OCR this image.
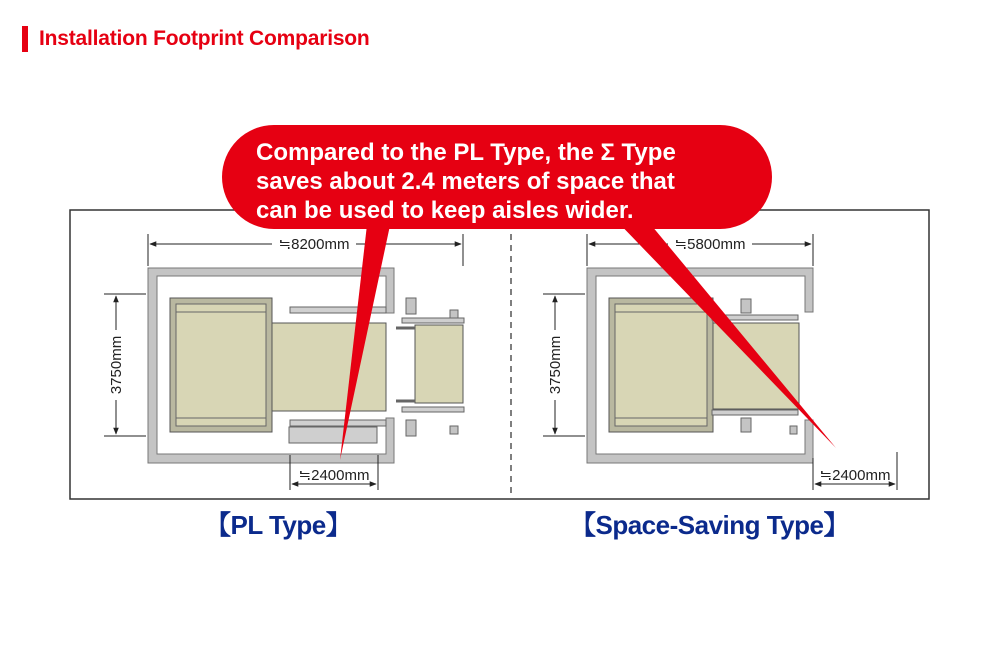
Installation Footprint Comparison
≒8200mm
3750mm
≒2400mm
≒5800mm
3750mm
≒2400mm
Compared to the PL Type, the Σ Type
saves about 2.4 meters of space that
can be used to keep aisles wider.
【PL Type】	【Space-Saving Type】
